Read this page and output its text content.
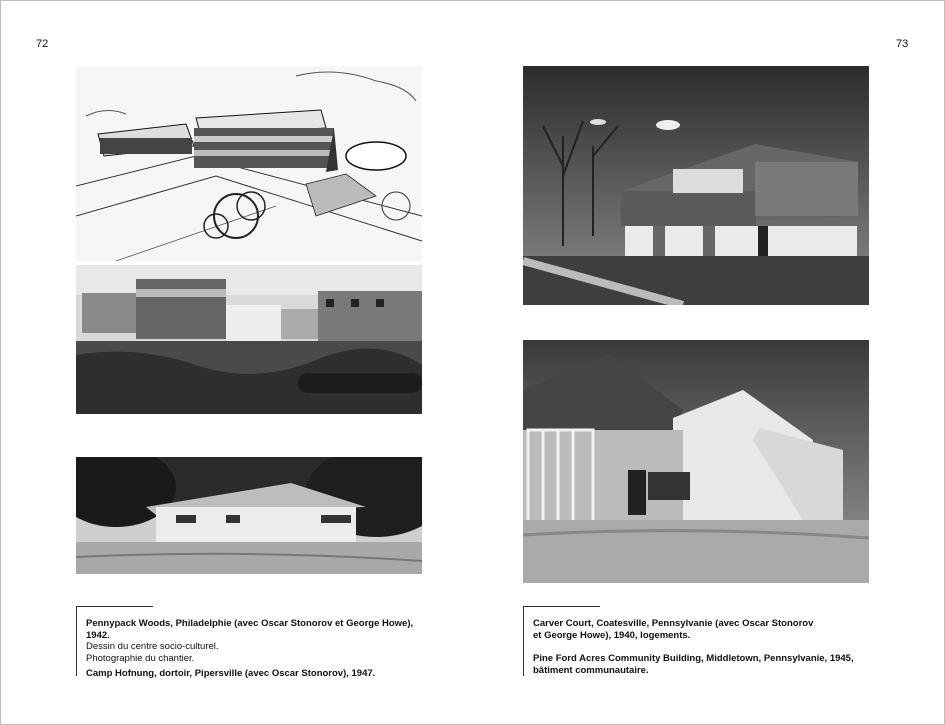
72	73
Pennypack Woods, Philadelphie (avec Oscar Stonorov et George Howe), 1942.
Dessin du centre socio-culturel.
Photographie du chantier.
Camp Hofnung, dortoir, Pipersville (avec Oscar Stonorov), 1947.
Carver Court, Coatesville, Pennsylvanie (avec Oscar Stonorov
et George Howe), 1940, logements.
Pine Ford Acres Community Building, Middletown, Pennsylvanie, 1945,
bâtiment communautaire.
